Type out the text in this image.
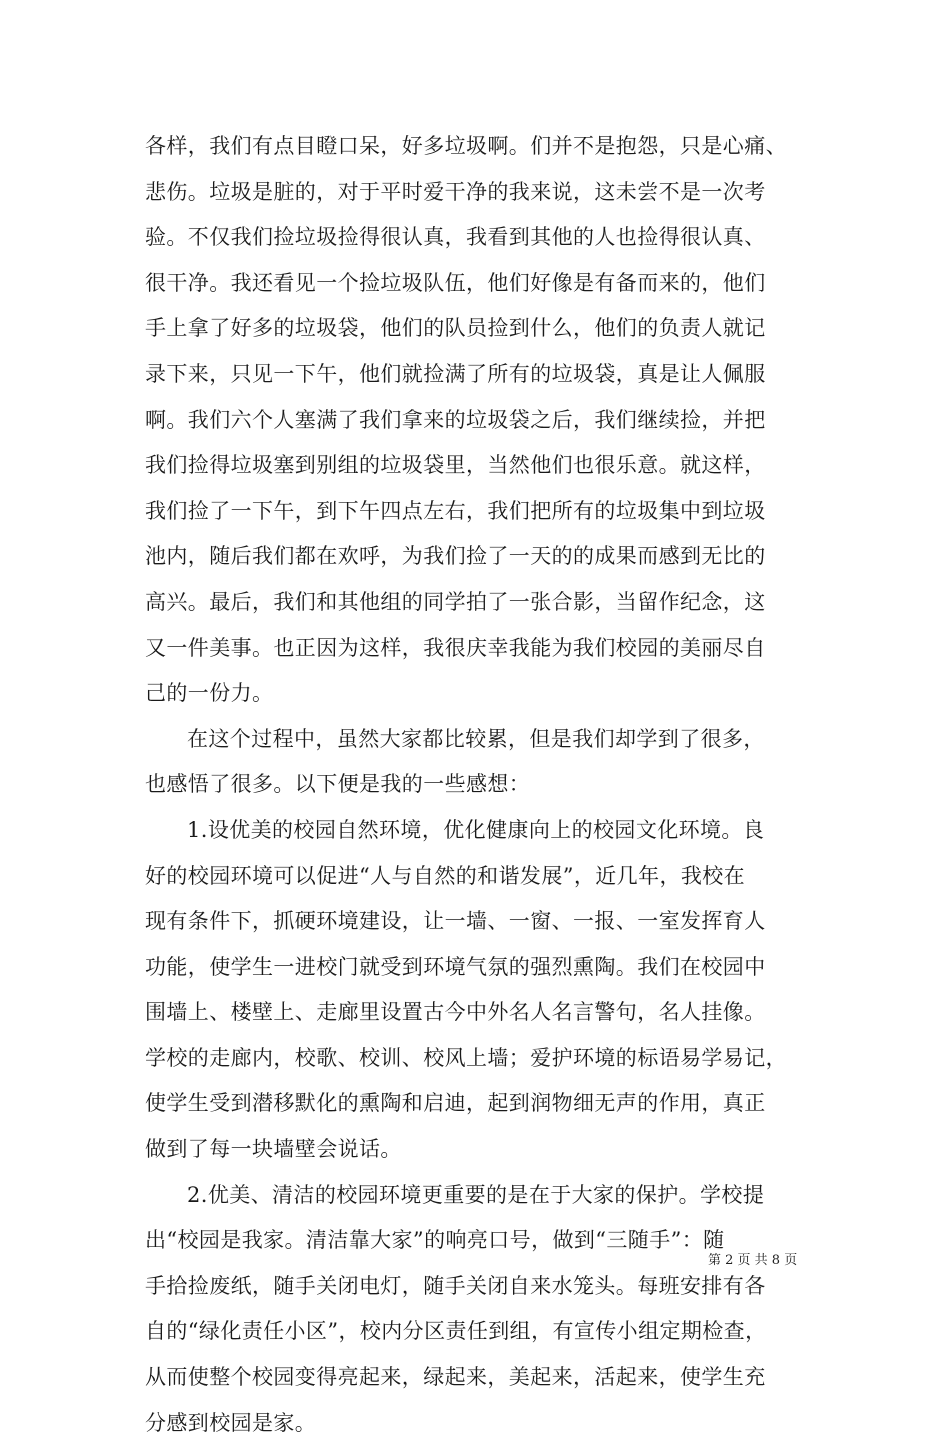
各样，我们有点目瞪口呆，好多垃圾啊。们并不是抱怨，只是心痛、
悲伤。垃圾是脏的，对于平时爱干净的我来说，这未尝不是一次考
验。不仅我们捡垃圾捡得很认真，我看到其他的人也捡得很认真、
很干净。我还看见一个捡垃圾队伍，他们好像是有备而来的，他们
手上拿了好多的垃圾袋，他们的队员捡到什么，他们的负责人就记
录下来，只见一下午，他们就捡满了所有的垃圾袋，真是让人佩服
啊。我们六个人塞满了我们拿来的垃圾袋之后，我们继续捡，并把
我们捡得垃圾塞到别组的垃圾袋里，当然他们也很乐意。就这样，
我们捡了一下午，到下午四点左右，我们把所有的垃圾集中到垃圾
池内，随后我们都在欢呼，为我们捡了一天的的成果而感到无比的
高兴。最后，我们和其他组的同学拍了一张合影，当留作纪念，这
又一件美事。也正因为这样，我很庆幸我能为我们校园的美丽尽自
己的一份力。
在这个过程中，虽然大家都比较累，但是我们却学到了很多，
也感悟了很多。以下便是我的一些感想：
1.设优美的校园自然环境，优化健康向上的校园文化环境。良
好的校园环境可以促进“人与自然的和谐发展”，近几年，我校在
现有条件下，抓硬环境建设，让一墙、一窗、一报、一室发挥育人
功能，使学生一进校门就受到环境气氛的强烈熏陶。我们在校园中
围墙上、楼壁上、走廊里设置古今中外名人名言警句，名人挂像。
学校的走廊内，校歌、校训、校风上墙；爱护环境的标语易学易记，
使学生受到潜移默化的熏陶和启迪，起到润物细无声的作用，真正
做到了每一块墙壁会说话。
2.优美、清洁的校园环境更重要的是在于大家的保护。学校提
出“校园是我家。清洁靠大家”的响亮口号，做到“三随手”：随
手拾捡废纸，随手关闭电灯，随手关闭自来水笼头。每班安排有各
自的“绿化责任小区”，校内分区责任到组，有宣传小组定期检查，
从而使整个校园变得亮起来，绿起来，美起来，活起来，使学生充
分感到校园是家。
第 2 页 共 8 页
